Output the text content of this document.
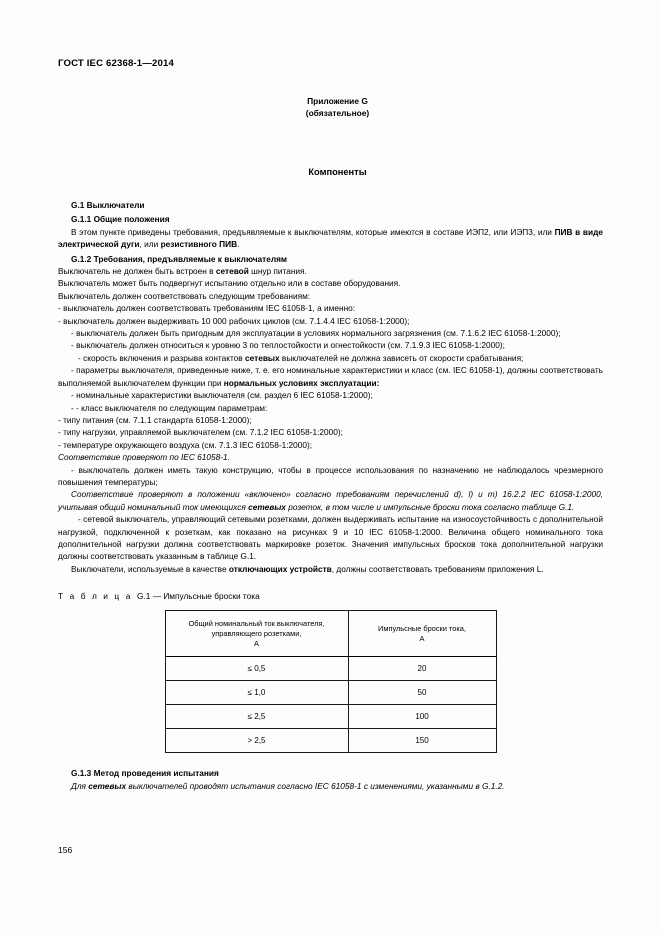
ГОСТ IEC 62368-1—2014
Приложение G
(обязательное)
Компоненты
G.1 Выключатели
G.1.1 Общие положения

В этом пункте приведены требования, предъявляемые к выключателям, которые имеются в составе ИЭП2, или ИЭП3, или ПИВ в виде электрической дуги, или резистивного ПИВ.

G.1.2 Требования, предъявляемые к выключателям

Выключатель не должен быть встроен в сетевой шнур питания.

Выключатель может быть подвергнут испытанию отдельно или в составе оборудования.

Выключатель должен соответствовать следующим требованиям:

- выключатель должен соответствовать требованиям IEC 61058-1, а именно:

- выключатель должен выдерживать 10 000 рабочих циклов (см. 7.1.4.4 IEC 61058-1:2000);

- выключатель должен быть пригодным для эксплуатации в условиях нормального загрязнения (см. 7.1.6.2 IEC 61058-1:2000);

- выключатель должен относиться к уровню 3 по теплостойкости и огнестойкости (см. 7.1.9.3 IEC 61058-1:2000);

- скорость включения и разрыва контактов сетевых выключателей не должна зависеть от скорости срабатывания;

- параметры выключателя, приведенные ниже, т. е. его номинальные характеристики и класс (см. IEC 61058-1), должны соответствовать выполняемой выключателем функции при нормальных условиях эксплуатации:

- номинальные характеристики выключателя (см. раздел 6 IEC 61058-1:2000);

- - класс выключателя по следующим параметрам:

- типу питания (см. 7.1.1 стандарта 61058-1:2000);

- типу нагрузки, управляемой выключателем (см. 7.1.2 IEC 61058-1:2000);

- температуре окружающего воздуха (см. 7.1.3 IEC 61058-1:2000);

Соответствие проверяют по IEC 61058-1.

- выключатель должен иметь такую конструкцию, чтобы в процессе использования по назначению не наблюдалось чрезмерного повышения температуры;

Соответствие проверяют в положении «включено» согласно требованиям перечислений d), l) и m) 16.2.2 IEC 61058-1:2000, учитывая общий номинальный ток имеющихся сетевых розеток, в том числе и импульсные броски тока согласно таблице G.1.

- сетевой выключатель, управляющий сетевыми розетками, должен выдерживать испытание на износоустойчивость с дополнительной нагрузкой, подключенной к розеткам, как показано на рисунках 9 и 10 IEC 61058-1:2000. Величина общего номинального тока дополнительной нагрузки должна соответствовать маркировке розеток. Значения импульсных бросков тока дополнительной нагрузки должны соответствовать указанным в таблице G.1.

Выключатели, используемые в качестве отключающих устройств, должны соответствовать требованиям приложения L.

Т а б л и ц а G.1 — Импульсные броски тока
Общий номинальный ток выключателя,
управляющего розетками,
А	Импульсные броски тока,
А
≤ 0,5	20
≤ 1,0	50
≤ 2,5	100
> 2,5	150
G.1.3 Метод проведения испытания

Для сетевых выключателей проводят испытания согласно IEC 61058-1 с изменениями, указанными в G.1.2.

156
